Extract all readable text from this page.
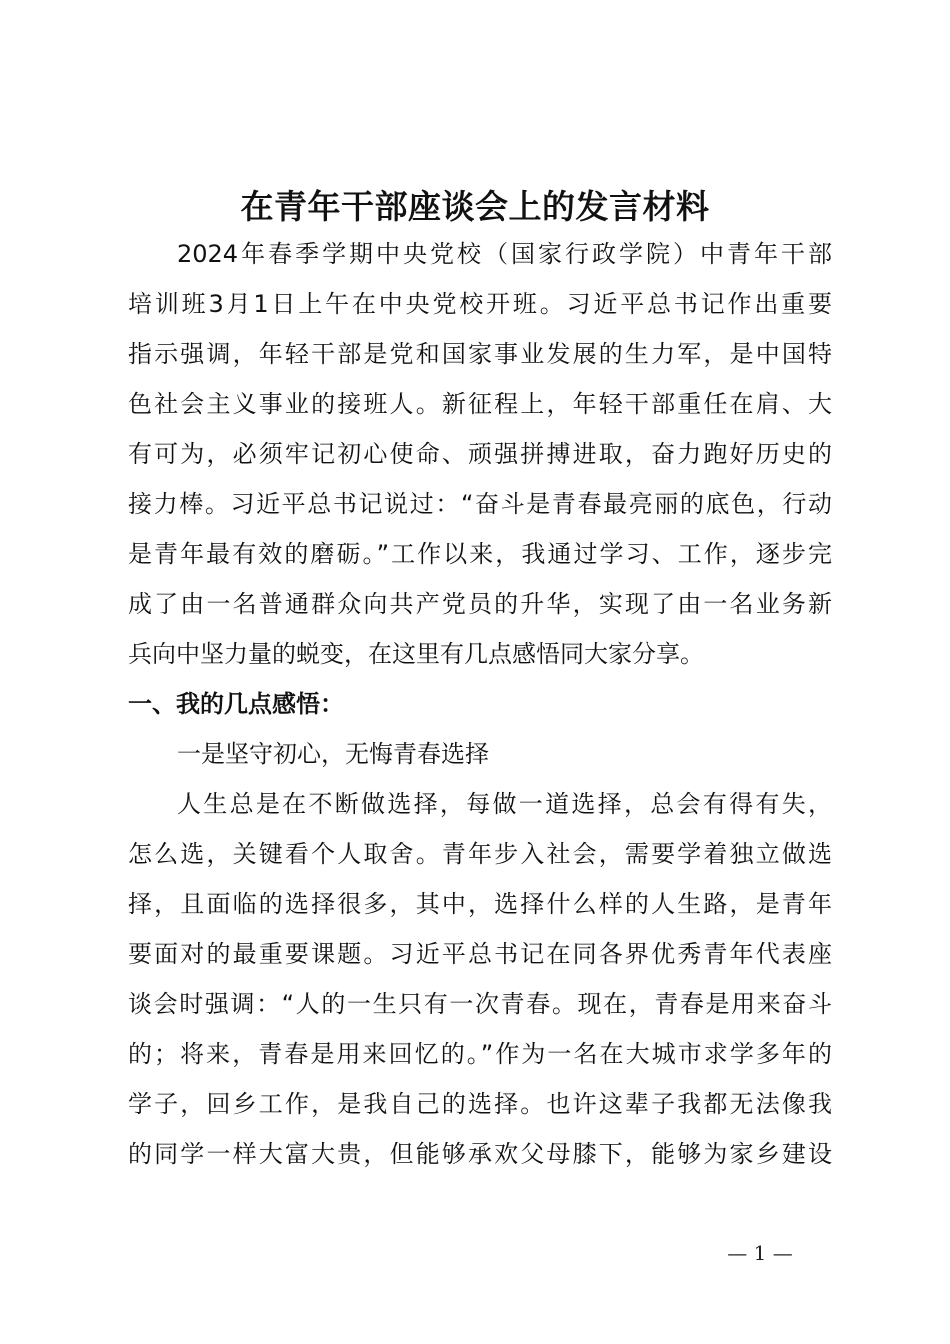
在青年干部座谈会上的发言材料
2024年春季学期中央党校（国家行政学院）中青年干部
培训班3月1日上午在中央党校开班。习近平总书记作出重要
指示强调，年轻干部是党和国家事业发展的生力军，是中国特
色社会主义事业的接班人。新征程上，年轻干部重任在肩、大
有可为，必须牢记初心使命、顽强拼搏进取，奋力跑好历史的
接力棒。习近平总书记说过：“奋斗是青春最亮丽的底色，行动
是青年最有效的磨砺。”工作以来，我通过学习、工作，逐步完
成了由一名普通群众向共产党员的升华，实现了由一名业务新
兵向中坚力量的蜕变，在这里有几点感悟同大家分享。
一、我的几点感悟：
一是坚守初心，无悔青春选择
人生总是在不断做选择，每做一道选择，总会有得有失，
怎么选，关键看个人取舍。青年步入社会，需要学着独立做选
择，且面临的选择很多，其中，选择什么样的人生路，是青年
要面对的最重要课题。习近平总书记在同各界优秀青年代表座
谈会时强调：“人的一生只有一次青春。现在，青春是用来奋斗
的；将来，青春是用来回忆的。”作为一名在大城市求学多年的
学子，回乡工作，是我自己的选择。也许这辈子我都无法像我
的同学一样大富大贵，但能够承欢父母膝下，能够为家乡建设
— 1 —
